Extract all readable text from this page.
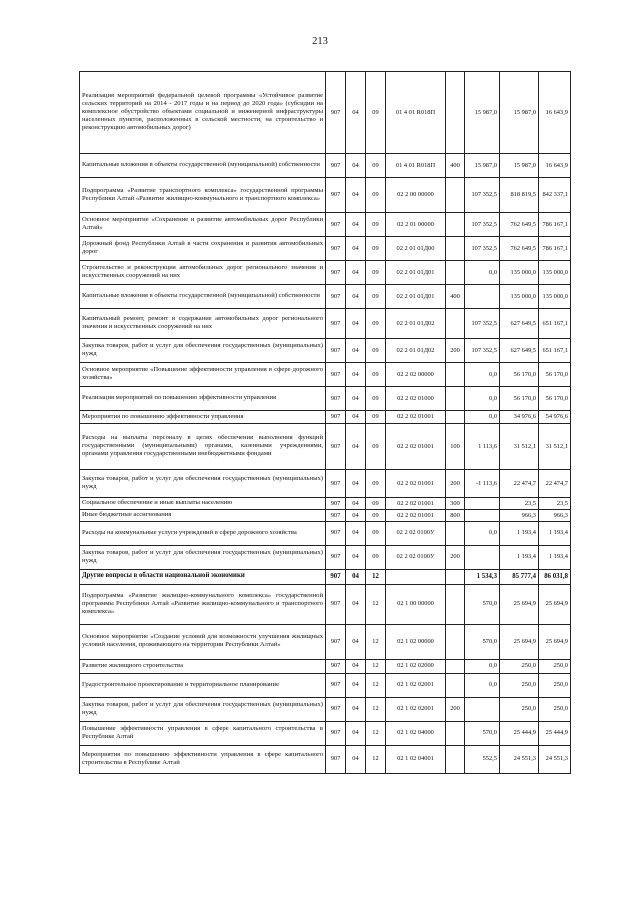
213
Реализация мероприятий федеральной целевой программы «Устойчивое развитие сельских территорий на 2014 - 2017 годы и на период до 2020 года» (субсидии на комплексное обустройство объектами социальной и инженерной инфраструктуры населенных пунктов, расположенных в сельской местности, на строительство и реконструкцию автомобильных дорог)	907	04	09	01 4 01 R018П		15 987,0	15 987,0	16 643,9
Капитальные вложения в объекты государственной (муниципальной) собственности	907	04	09	01 4 01 R018П	400	15 987,0	15 987,0	16 643,9
Подпрограмма «Развитие транспортного комплекса» государственной программы Республики Алтай «Развитие жилищно-коммунального и транспортного комплекса»	907	04	09	02 2 00 00000		107 352,5	818 819,5	842 337,1
Основное мероприятие «Сохранение и развитие автомобильных дорог Республики Алтай»	907	04	09	02 2 01 00000		107 352,5	762 649,5	786 167,1
Дорожный фонд Республики Алтай в части сохранения и развития автомобильных дорог	907	04	09	02 2 01 01Д00		107 352,5	762 649,5	786 167,1
Строительство и реконструкция автомобильных дорог регионального значения и искусственных сооружений на них	907	04	09	02 2 01 01Д01		0,0	135 000,0	135 000,0
Капитальные вложения в объекты государственной (муниципальной) собственности	907	04	09	02 2 01 01Д01	400		135 000,0	135 000,0
Капитальный ремонт, ремонт и содержание автомобильных дорог регионального значения и искусственных сооружений на них	907	04	09	02 2 01 01Д02		107 352,5	627 649,5	651 167,1
Закупка товаров, работ и услуг для обеспечения государственных (муниципальных) нужд	907	04	09	02 2 01 01Д02	200	107 352,5	627 649,5	651 167,1
Основное мероприятие «Повышение эффективности управления в сфере дорожного хозяйства»	907	04	09	02 2 02 00000		0,0	56 170,0	56 170,0
Реализация мероприятий по повышению эффективности управления	907	04	09	02 2 02 01000		0,0	56 170,0	56 170,0
Мероприятия по повышению эффективности управления	907	04	09	02 2 02 01001		0,0	34 976,6	54 976,6
Расходы на выплаты персоналу в целях обеспечения выполнения функций государственными (муниципальными) органами, казенными учреждениями, органами управления государственными внебюджетными фондами	907	04	09	02 2 02 01001	100	1 113,6	31 512,1	31 512,1
Закупка товаров, работ и услуг для обеспечения государственных (муниципальных) нужд	907	04	09	02 2 02 01001	200	-1 113,6	22 474,7	22 474,7
Социальное обеспечение и иные выплаты населению	907	04	09	02 2 02 01001	300		23,5	23,5
Иные бюджетные ассигнования	907	04	09	02 2 02 01001	800		966,3	966,3
Расходы на коммунальные услуги учреждений в сфере дорожного хозяйства	907	04	09	02 2 02 0100У		0,0	1 193,4	1 193,4
Закупка товаров, работ и услуг для обеспечения государственных (муниципальных) нужд	907	04	09	02 2 02 0100У	200		1 193,4	1 193,4
Другие вопросы в области национальной экономики	907	04	12			1 534,3	85 777,4	86 031,8
Подпрограмма «Развитие жилищно-коммунального комплекса» государственной программы Республики Алтай «Развитие жилищно-коммунального и транспортного комплекса»	907	04	12	02 1 00 00000		570,0	25 694,9	25 694,9
Основное мероприятие «Создание условий для возможности улучшения жилищных условий населения, проживающего на территории Республики Алтай»	907	04	12	02 1 02 00000		570,0	25 694,9	25 694,9
Развитие жилищного строительства	907	04	12	02 1 02 02000		0,0	250,0	250,0
Градостроительное проектирование и территориальное планирование	907	04	12	02 1 02 02001		0,0	250,0	250,0
Закупка товаров, работ и услуг для обеспечения государственных (муниципальных) нужд	907	04	12	02 1 02 02001	200		250,0	250,0
Повышение эффективности управления в сфере капитального строительства в Республике Алтай	907	04	12	02 1 02 04000		570,0	25 444,9	25 444,9
Мероприятия по повышению эффективности управления в сфере капитального строительства в Республике Алтай	907	04	12	02 1 02 04001		552,5	24 551,3	24 551,3
